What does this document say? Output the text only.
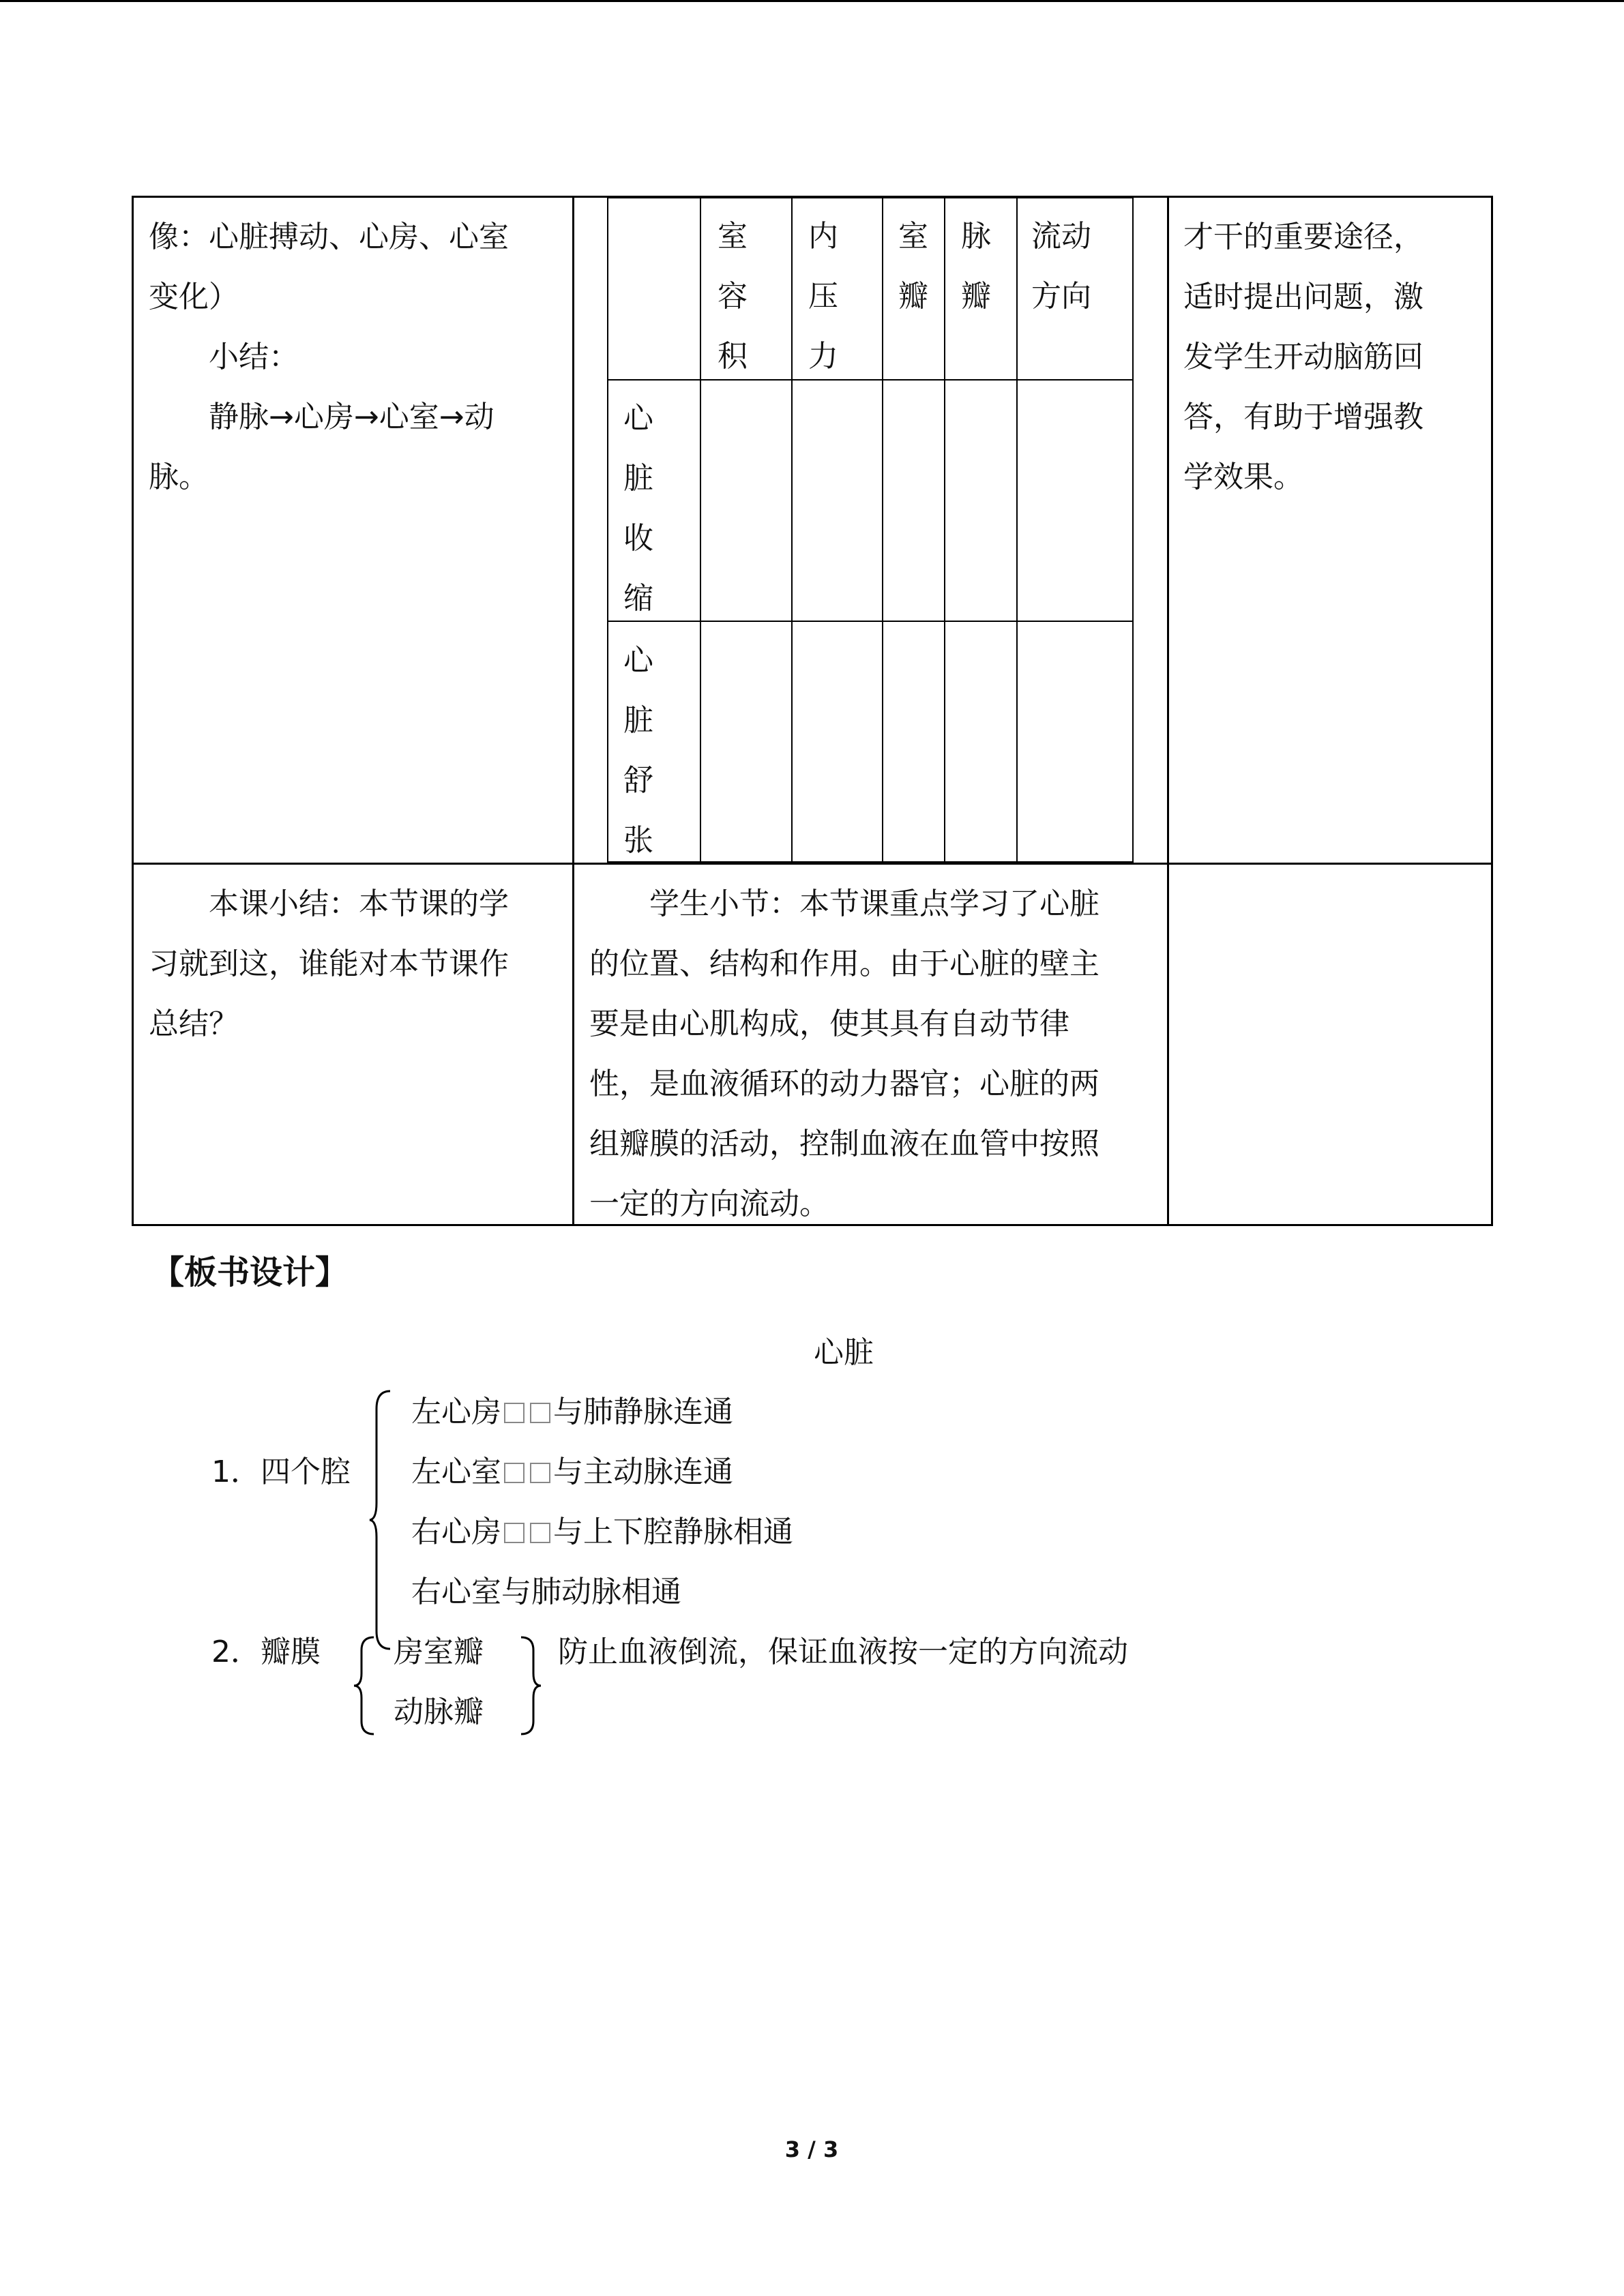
像：心脏搏动、心房、心室
变化）
　　小结：
　　静脉→心房→心室→动
脉。
室
容
积
内
压
力
室
瓣
脉
瓣
流动
方向
心
脏
收
缩
心
脏
舒
张
才干的重要途径，
适时提出问题，激
发学生开动脑筋回
答，有助于增强教
学效果。
　　本课小结：本节课的学
习就到这，谁能对本节课作
总结？
　　学生小节：本节课重点学习了心脏
的位置、结构和作用。由于心脏的壁主
要是由心肌构成，使其具有自动节律
性，是血液循环的动力器官；心脏的两
组瓣膜的活动，控制血液在血管中按照
一定的方向流动。
【板书设计】
心脏
1．四个腔
左心房 与肺静脉连通
左心室 与主动脉连通
右心房 与上下腔静脉相通
右心室与肺动脉相通
2．瓣膜 房室瓣
动脉瓣
防止血液倒流，保证血液按一定的方向流动
3 / 3
